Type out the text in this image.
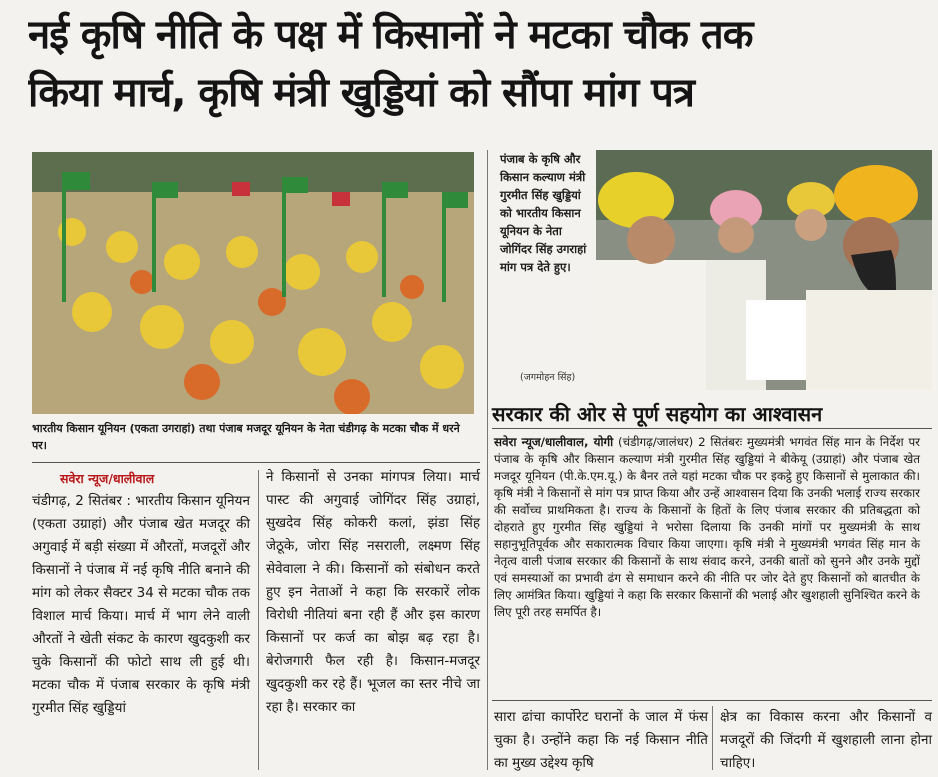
नई कृषि नीति के पक्ष में किसानों ने मटका चौक तक
किया मार्च, कृषि मंत्री खुड्डियां को सौंपा मांग पत्र
पंजाब के कृषि और किसान कल्याण मंत्री गुरमीत सिंह खुड्डियां को भारतीय किसान यूनियन के नेता जोगिंदर सिंह उगराहां मांग पत्र देते हुए।
(जगमोहन सिंह)
भारतीय किसान यूनियन (एकता उगराहां) तथा पंजाब मजदूर यूनियन के नेता चंडीगढ़ के मटका चौक में धरने पर।
सवेरा न्यूज/धालीवाल
चंडीगढ़, 2 सितंबर : भारतीय किसान यूनियन (एकता उग्राहां) और पंजाब खेत मजदूर की अगुवाई में बड़ी संख्या में औरतों, मजदूरों और किसानों ने पंजाब में नई कृषि नीति बनाने की मांग को लेकर सैक्टर 34 से मटका चौक तक विशाल मार्च किया। मार्च में भाग लेने वाली औरतों ने खेती संकट के कारण खुदकुशी कर चुके किसानों की फोटो साथ ली हुई थी। मटका चौक में पंजाब सरकार के कृषि मंत्री गुरमीत सिंह खुड्डियां
ने किसानों से उनका मांगपत्र लिया। मार्च पास्ट की अगुवाई जोगिंदर सिंह उग्राहां, सुखदेव सिंह कोकरी कलां, झंडा सिंह जेठूके, जोरा सिंह नसराली, लक्ष्मण सिंह सेवेवाला ने की। किसानों को संबोधन करते हुए इन नेताओं ने कहा कि सरकारें लोक विरोधी नीतियां बना रही हैं और इस कारण किसानों पर कर्ज का बोझ बढ़ रहा है। बेरोजगारी फैल रही है। किसान-मजदूर खुदकुशी कर रहे हैं। भूजल का स्तर नीचे जा रहा है। सरकार का
सरकार की ओर से पूर्ण सहयोग का आश्वासन
सवेरा न्यूज/धालीवाल, योगी (चंडीगढ़/जालंधर) 2 सितंबरः मुख्यमंत्री भगवंत सिंह मान के निर्देश पर पंजाब के कृषि और किसान कल्याण मंत्री गुरमीत सिंह खुड्डियां ने बीकेयू (उग्राहां) और पंजाब खेत मजदूर यूनियन (पी.के.एम.यू.) के बैनर तले यहां मटका चौक पर इकट्ठे हुए किसानों से मुलाकात की। कृषि मंत्री ने किसानों से मांग पत्र प्राप्त किया और उन्हें आश्वासन दिया कि उनकी भलाई राज्य सरकार की सर्वोच्च प्राथमिकता है। राज्य के किसानों के हितों के लिए पंजाब सरकार की प्रतिबद्धता को दोहराते हुए गुरमीत सिंह खुड्डियां ने भरोसा दिलाया कि उनकी मांगों पर मुख्यमंत्री के साथ सहानुभूतिपूर्वक और सकारात्मक विचार किया जाएगा। कृषि मंत्री ने मुख्यमंत्री भगवंत सिंह मान के नेतृत्व वाली पंजाब सरकार की किसानों के साथ संवाद करने, उनकी बातों को सुनने और उनके मुद्दों एवं समस्याओं का प्रभावी ढंग से समाधान करने की नीति पर जोर देते हुए किसानों को बातचीत के लिए आमंत्रित किया। खुड्डियां ने कहा कि सरकार किसानों की भलाई और खुशहाली सुनिश्चित करने के लिए पूरी तरह समर्पित है।
सारा ढांचा कार्पोरेट घरानों के जाल में फंस चुका है। उन्होंने कहा कि नई किसान नीति का मुख्य उद्देश्य कृषि
क्षेत्र का विकास करना और किसानों व मजदूरों की जिंदगी में खुशहाली लाना होना चाहिए।
